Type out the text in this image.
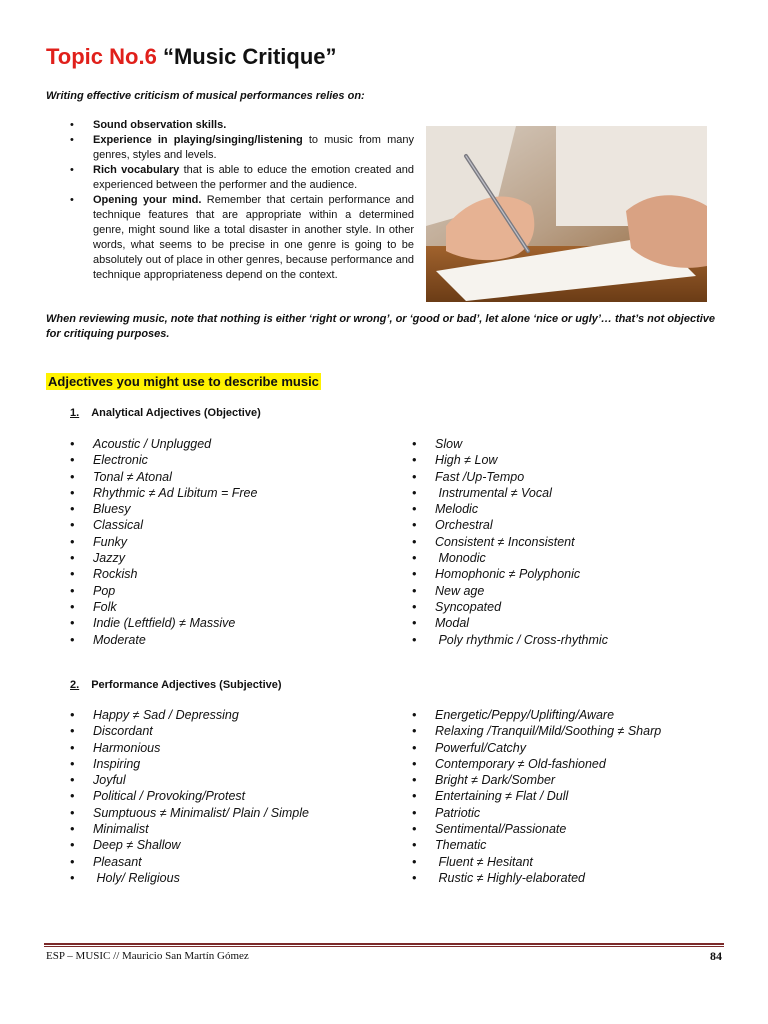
Topic No.6 “Music Critique”
Writing effective criticism of musical performances relies on:
• Sound observation skills.
• Experience in playing/singing/listening to music from many genres, styles and levels.
• Rich vocabulary that is able to educe the emotion created and experienced between the performer and the audience.
• Opening your mind. Remember that certain performance and technique features that are appropriate within a determined genre, might sound like a total disaster in another style. In other words, what seems to be precise in one genre is going to be absolutely out of place in other genres, because performance and technique appropriateness depend on the context.
When reviewing music, note that nothing is either ‘right or wrong’, or ‘good or bad’, let alone ‘nice or ugly’… that’s not objective for critiquing purposes.
Adjectives you might use to describe music
1. Analytical Adjectives (Objective)
• Acoustic / Unplugged
• Electronic
• Tonal ≠ Atonal
• Rhythmic ≠ Ad Libitum = Free
• Bluesy
• Classical
• Funky
• Jazzy
• Rockish
• Pop
• Folk
• Indie (Leftfield) ≠ Massive
• Moderate
• Slow
• High ≠ Low
• Fast /Up-Tempo
• Instrumental ≠ Vocal
• Melodic
• Orchestral
• Consistent ≠ Inconsistent
• Monodic
• Homophonic ≠ Polyphonic
• New age
• Syncopated
• Modal
• Poly rhythmic / Cross-rhythmic
2. Performance Adjectives (Subjective)
• Happy ≠ Sad / Depressing
• Discordant
• Harmonious
• Inspiring
• Joyful
• Political / Provoking/Protest
• Sumptuous ≠ Minimalist/ Plain / Simple
• Minimalist
• Deep ≠ Shallow
• Pleasant
• Holy/ Religious
• Energetic/Peppy/Uplifting/Aware
• Relaxing /Tranquil/Mild/Soothing ≠ Sharp
• Powerful/Catchy
• Contemporary ≠ Old-fashioned
• Bright ≠ Dark/Somber
• Entertaining ≠ Flat / Dull
• Patriotic
• Sentimental/Passionate
• Thematic
• Fluent ≠ Hesitant
• Rustic ≠ Highly-elaborated
ESP – MUSIC // Mauricio San Martín Gómez	84
